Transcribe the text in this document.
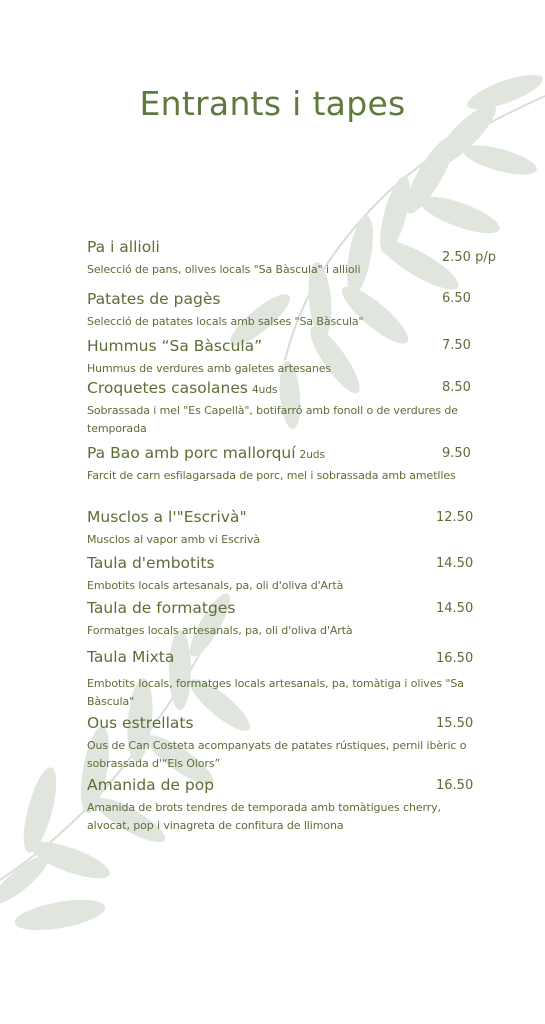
Entrants i tapes
Pa i allioli
Selecció de pans, olives locals "Sa Bàscula" i allioli
2.50 p/p
Patates de pagès
Selecció de patates locals amb salses "Sa Bàscula"
6.50
Hummus “Sa Bàscula”
Hummus de verdures amb galetes artesanes
7.50
Croquetes casolanes 4uds
Sobrassada i mel "Es Capellà", botifarró amb fonoll o de verdures de temporada
8.50
Pa Bao amb porc mallorquí 2uds
Farcit de carn esfilagarsada de porc, mel i sobrassada amb ametlles
9.50
Musclos a l'"Escrivà"
Musclos al vapor amb vi Escrivà
12.50
Taula d'embotits
Embotits locals artesanals, pa, oli d'oliva d'Artà
14.50
Taula de formatges
Formatges locals artesanals, pa, oli d'oliva d'Artà
14.50
Taula Mixta
Embotits locals, formatges locals artesanals, pa, tomàtiga i olives "Sa Bàscula"
16.50
Ous estrellats
Ous de Can Costeta acompanyats de patates rústiques, pernil ibèric o sobrassada d'“Els Olors”
15.50
Amanida de pop
Amanida de brots tendres de temporada amb tomàtigues cherry, alvocat, pop i vinagreta de confitura de llimona
16.50
